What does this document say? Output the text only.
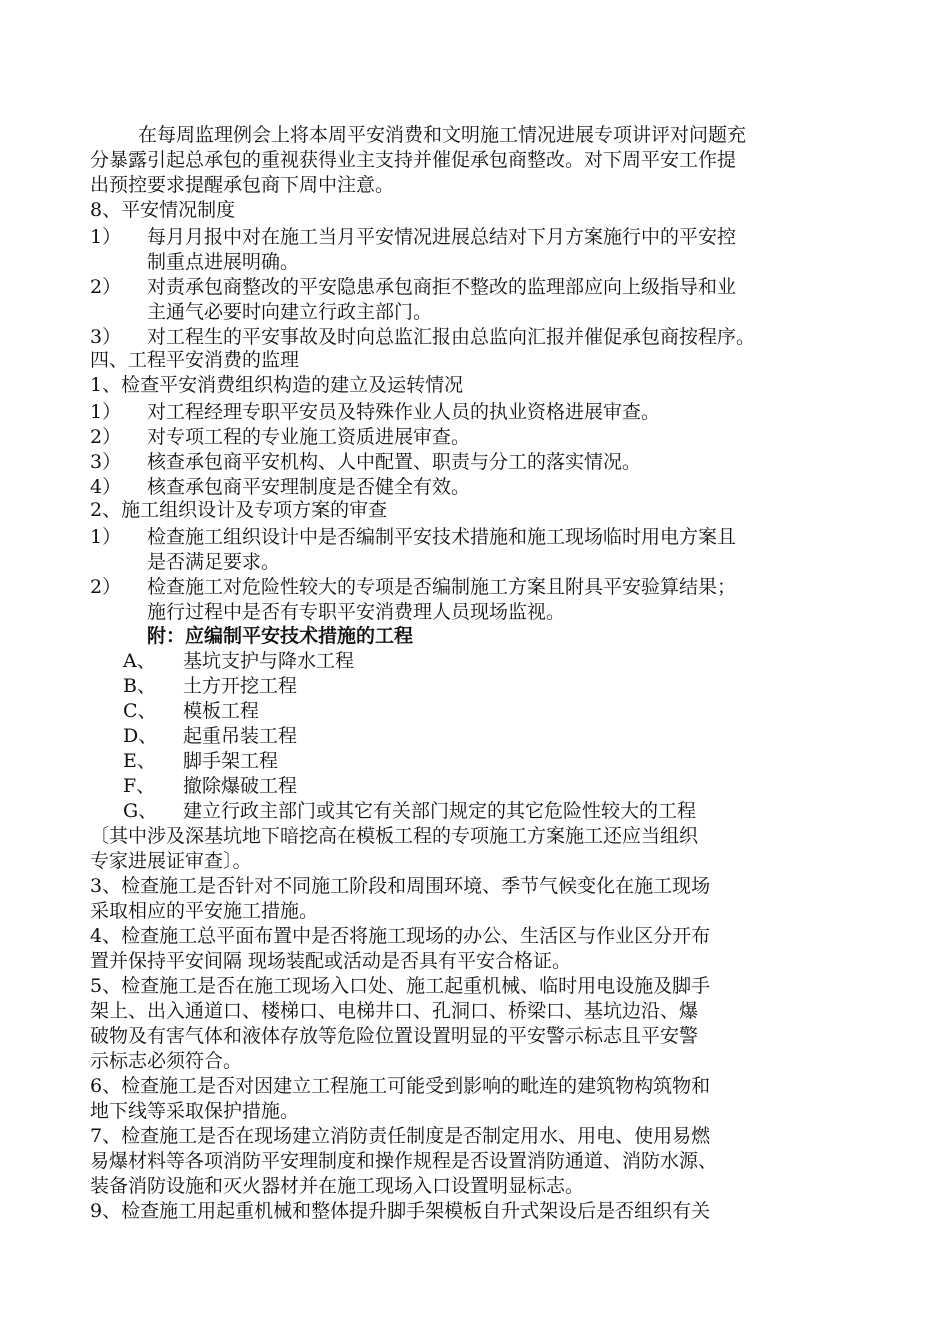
在每周监理例会上将本周平安消费和文明施工情况进展专项讲评对问题充
分暴露引起总承包的重视获得业主支持并催促承包商整改。对下周平安工作提
出预控要求提醒承包商下周中注意。
8、平安情况制度
1） 每月月报中对在施工当月平安情况进展总结对下月方案施行中的平安控
制重点进展明确。
2） 对责承包商整改的平安隐患承包商拒不整改的监理部应向上级指导和业
主通气必要时向建立行政主部门。
3） 对工程生的平安事故及时向总监汇报由总监向汇报并催促承包商按程序。
四、工程平安消费的监理
1、检查平安消费组织构造的建立及运转情况
1） 对工程经理专职平安员及特殊作业人员的执业资格进展审查。
2） 对专项工程的专业施工资质进展审查。
3） 核查承包商平安机构、人中配置、职责与分工的落实情况。
4） 核查承包商平安理制度是否健全有效。
2、施工组织设计及专项方案的审查
1） 检查施工组织设计中是否编制平安技术措施和施工现场临时用电方案且
是否满足要求。
2） 检查施工对危险性较大的专项是否编制施工方案且附具平安验算结果；
施行过程中是否有专职平安消费理人员现场监视。
附：应编制平安技术措施的工程
A、 基坑支护与降水工程
B、 土方开挖工程
C、 模板工程
D、 起重吊装工程
E、 脚手架工程
F、 撤除爆破工程
G、 建立行政主部门或其它有关部门规定的其它危险性较大的工程
〔其中涉及深基坑地下暗挖高在模板工程的专项施工方案施工还应当组织
专家进展证审查〕。
3、检查施工是否针对不同施工阶段和周围环境、季节气候变化在施工现场
采取相应的平安施工措施。
4、检查施工总平面布置中是否将施工现场的办公、生活区与作业区分开布
置并保持平安间隔 现场装配或活动是否具有平安合格证。
5、检查施工是否在施工现场入口处、施工起重机械、临时用电设施及脚手
架上、出入通道口、楼梯口、电梯井口、孔洞口、桥梁口、基坑边沿、爆
破物及有害气体和液体存放等危险位置设置明显的平安警示标志且平安警
示标志必须符合。
6、检查施工是否对因建立工程施工可能受到影响的毗连的建筑物构筑物和
地下线等采取保护措施。
7、检查施工是否在现场建立消防责任制度是否制定用水、用电、使用易燃
易爆材料等各项消防平安理制度和操作规程是否设置消防通道、消防水源、
装备消防设施和灭火器材并在施工现场入口设置明显标志。
9、检查施工用起重机械和整体提升脚手架模板自升式架设后是否组织有关
